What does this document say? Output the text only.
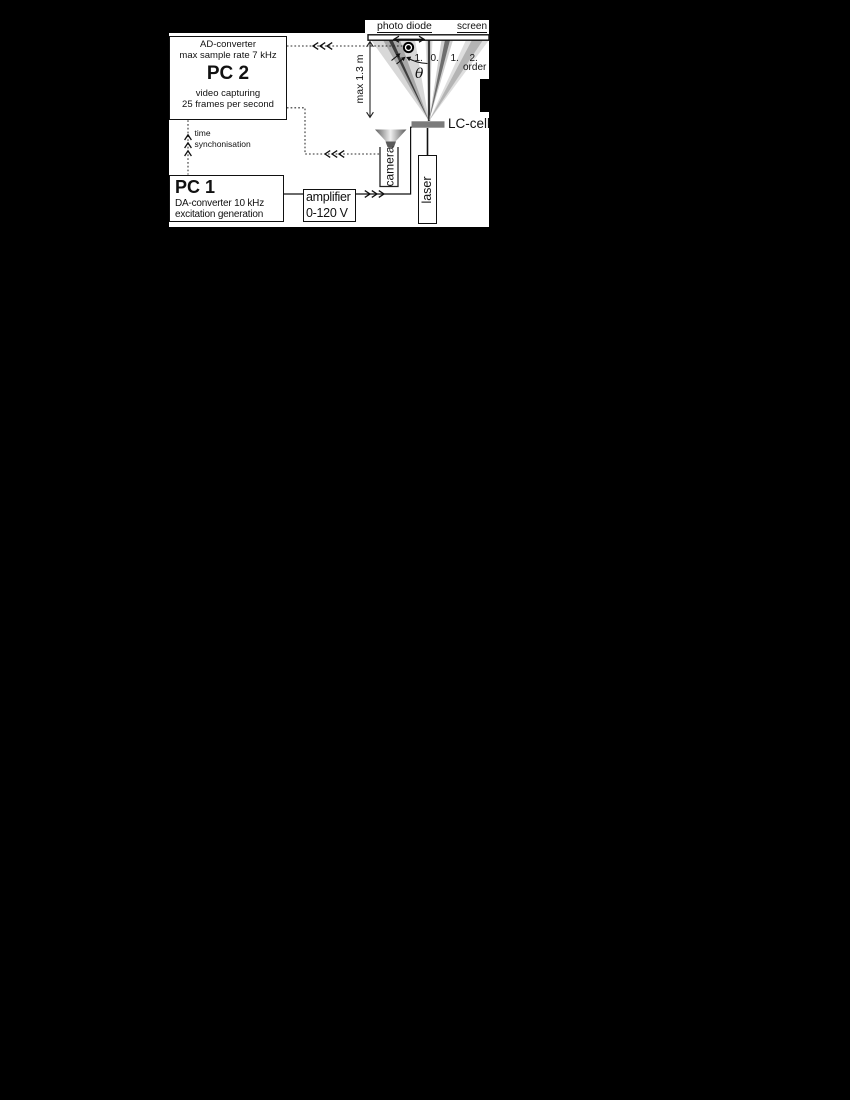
AD-converter
max sample rate 7 kHz
PC 2
video capturing
25 frames per second
PC 1
DA-converter 10 kHz
excitation generation
amplifier
0-120 V
laser
photo diode	screen
LC-cell
max 1.3 m
camera
θ
1. 0. 1. 2.
order
time
synchonisation
